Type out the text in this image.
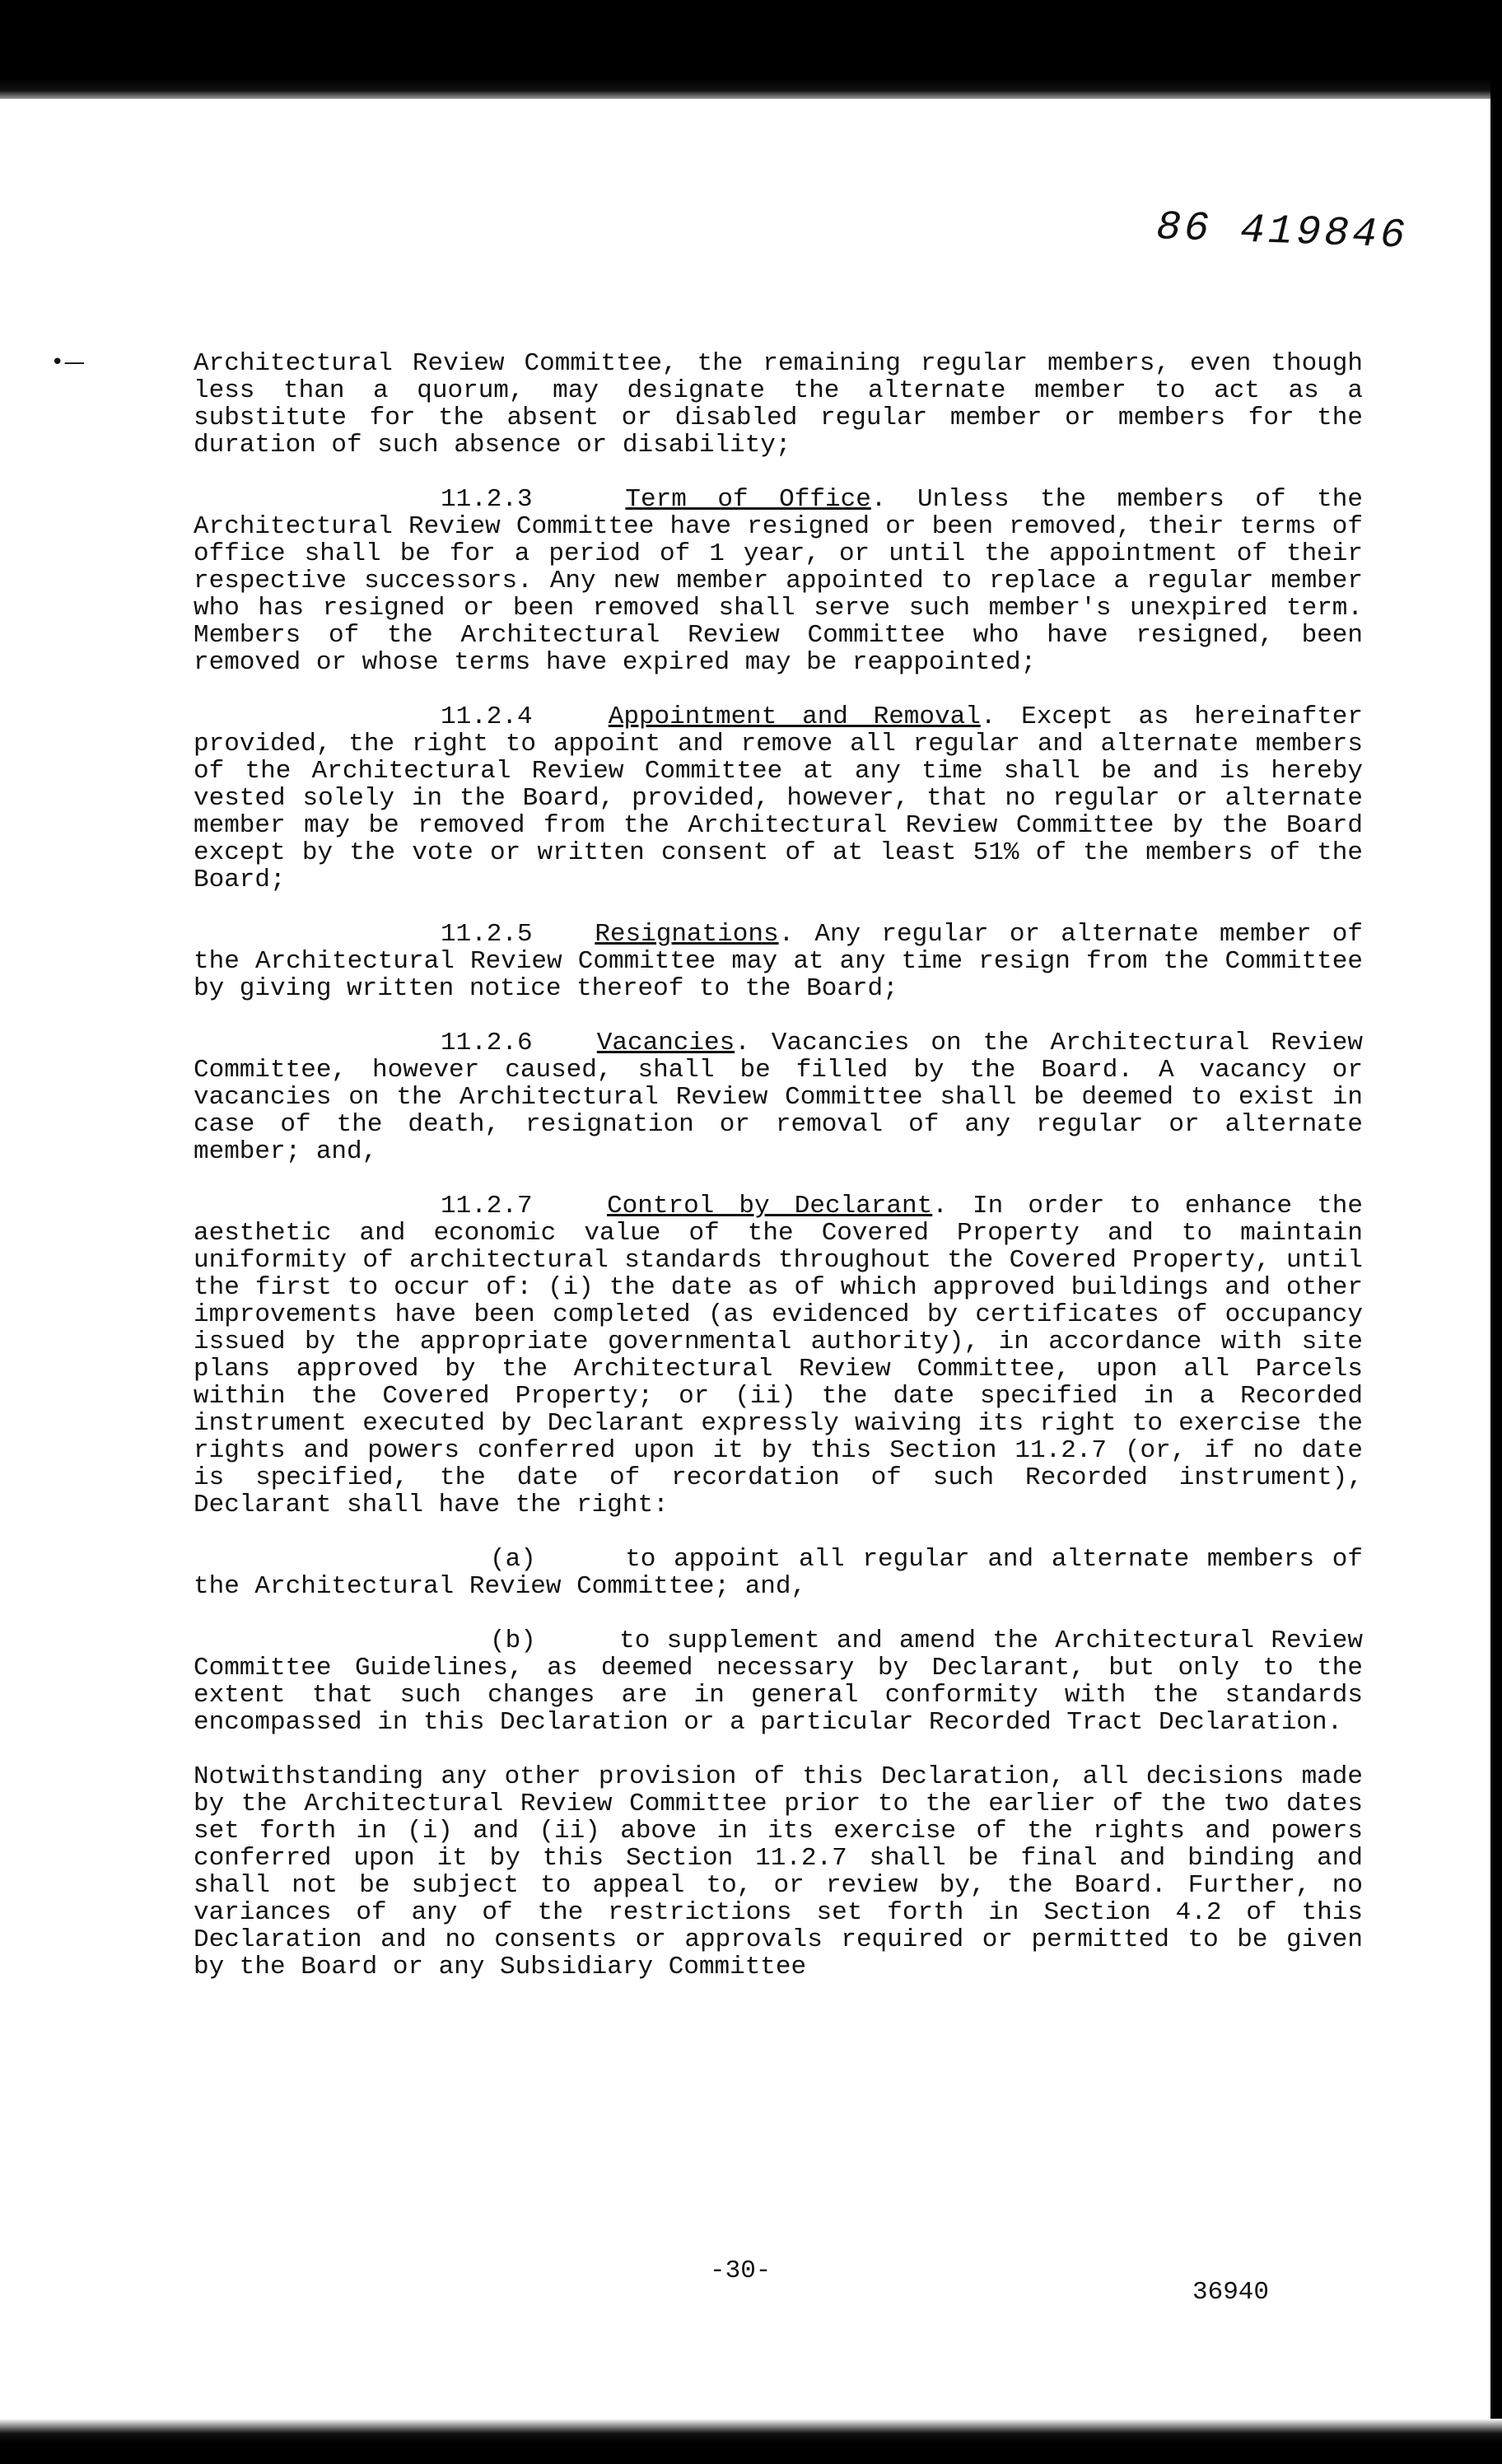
86 419846
•—	Architectural Review Committee, the remaining regular members, even though less than a quorum, may designate the alternate member to act as a substitute for the absent or disabled regular member or members for the duration of such absence or disability;

11.2.3	Term of Office. Unless the members of the Architectural Review Committee have resigned or been removed, their terms of office shall be for a period of 1 year, or until the appointment of their respective successors. Any new member appointed to replace a regular member who has resigned or been removed shall serve such member's unexpired term. Members of the Architectural Review Committee who have resigned, been removed or whose terms have expired may be reappointed;

11.2.4	Appointment and Removal. Except as hereinafter provided, the right to appoint and remove all regular and alternate members of the Architectural Review Committee at any time shall be and is hereby vested solely in the Board, provided, however, that no regular or alternate member may be removed from the Architectural Review Committee by the Board except by the vote or written consent of at least 51% of the members of the Board;

11.2.5 Resignations. Any regular or alternate member of the Architectural Review Committee may at any time resign from the Committee by giving written notice thereof to the Board;

11.2.6	Vacancies. Vacancies on the Architectural Review Committee, however caused, shall be filled by the Board. A vacancy or vacancies on the Architectural Review Committee shall be deemed to exist in case of the death, resignation or removal of any regular or alternate member; and,

11.2.7	Control by Declarant. In order to enhance the aesthetic and economic value of the Covered Property and to maintain uniformity of architectural standards throughout the Covered Property, until the first to occur of: (i) the date as of which approved buildings and other improvements have been completed (as evidenced by certificates of occupancy issued by the appropriate governmental authority), in accordance with site plans approved by the Architectural Review Committee, upon all Parcels within the Covered Property; or (ii) the date specified in a Recorded instrument executed by Declarant expressly waiving its right to exercise the rights and powers conferred upon it by this Section 11.2.7 (or, if no date is specified, the date of recordation of such Recorded instrument), Declarant shall have the right:

(a)	to appoint all regular and alternate members of the Architectural Review Committee; and,

(b)	to supplement and amend the Architectural Review Committee Guidelines, as deemed necessary by Declarant, but only to the extent that such changes are in general conformity with the standards encompassed in this Declaration or a particular Recorded Tract Declaration.

Notwithstanding any other provision of this Declaration, all decisions made by the Architectural Review Committee prior to the earlier of the two dates set forth in (i) and (ii) above in its exercise of the rights and powers conferred upon it by this Section 11.2.7 shall be final and binding and shall not be subject to appeal to, or review by, the Board. Further, no variances of any of the restrictions set forth in Section 4.2 of this Declaration and no consents or approvals required or permitted to be given by the Board or any Subsidiary Committee

-30-
36940
